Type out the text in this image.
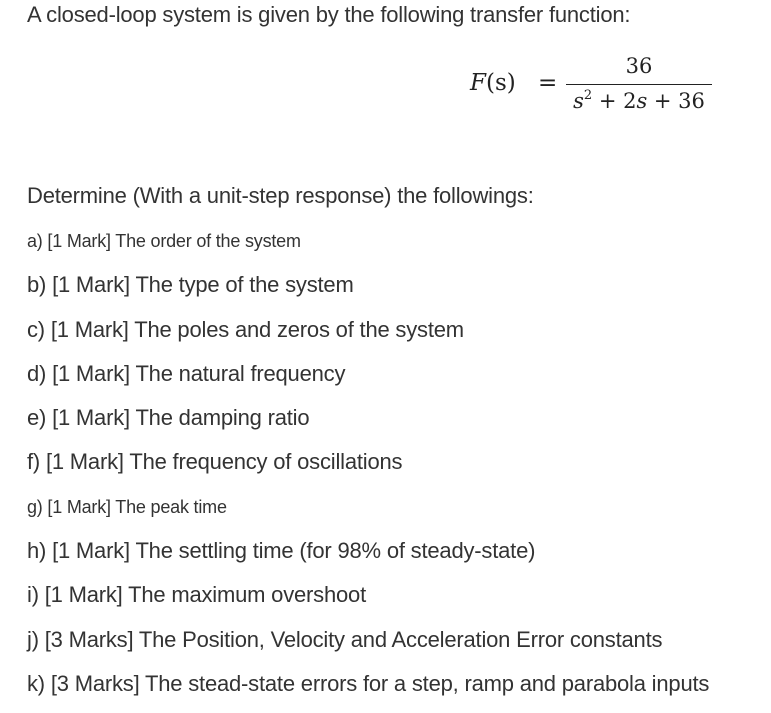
A closed-loop system is given by the following transfer function:
F(s) =
36
$s^2 + 2s + 36$
Determine (With a unit-step response) the followings:
a) [1 Mark] The order of the system
b) [1 Mark] The type of the system
c) [1 Mark] The poles and zeros of the system
d) [1 Mark] The natural frequency
e) [1 Mark] The damping ratio
f) [1 Mark] The frequency of oscillations
g) [1 Mark] The peak time
h) [1 Mark] The settling time (for 98% of steady-state)
i) [1 Mark] The maximum overshoot
j) [3 Marks] The Position, Velocity and Acceleration Error constants
k) [3 Marks] The stead-state errors for a step, ramp and parabola inputs
